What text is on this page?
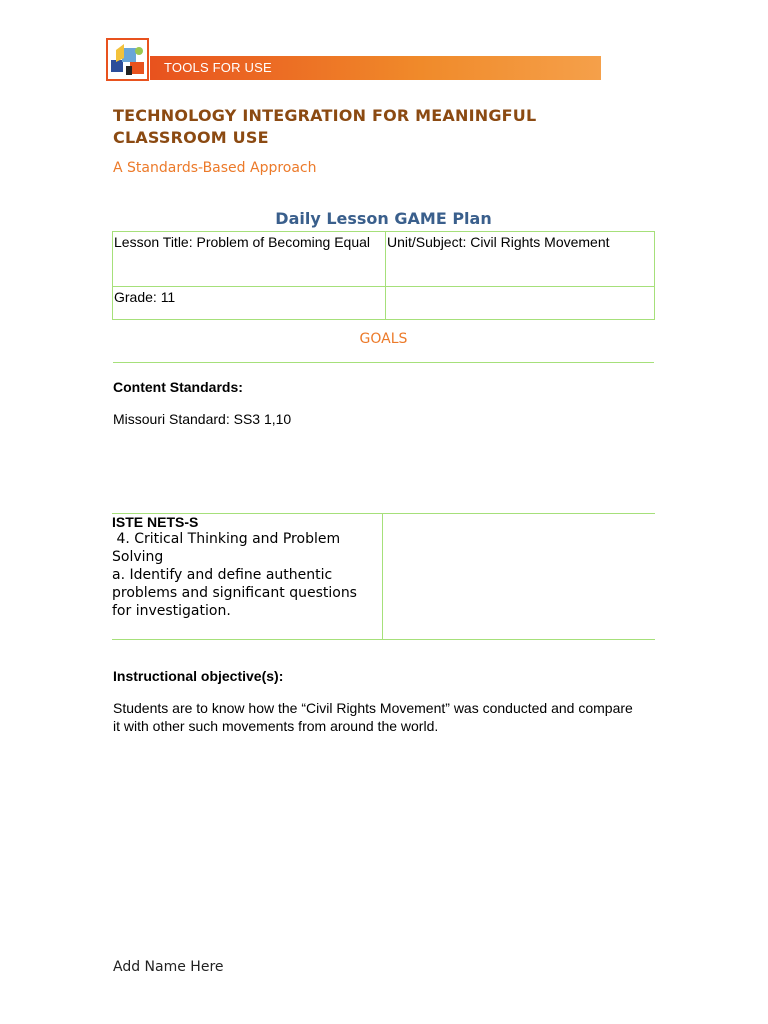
TOOLS FOR USE
TECHNOLOGY INTEGRATION FOR MEANINGFUL CLASSROOM USE
A Standards-Based Approach
Daily Lesson GAME Plan
Lesson Title: Problem of Becoming Equal	Unit/Subject: Civil Rights Movement
Grade: 11	
GOALS
Content Standards:
Missouri Standard: SS3 1,10
ISTE NETS-S
4. Critical Thinking and Problem Solving
a. Identify and define authentic problems and significant questions for investigation.

Instructional objective(s):
Students are to know how the “Civil Rights Movement” was conducted and compare it with other such movements from around the world.
Add Name Here
